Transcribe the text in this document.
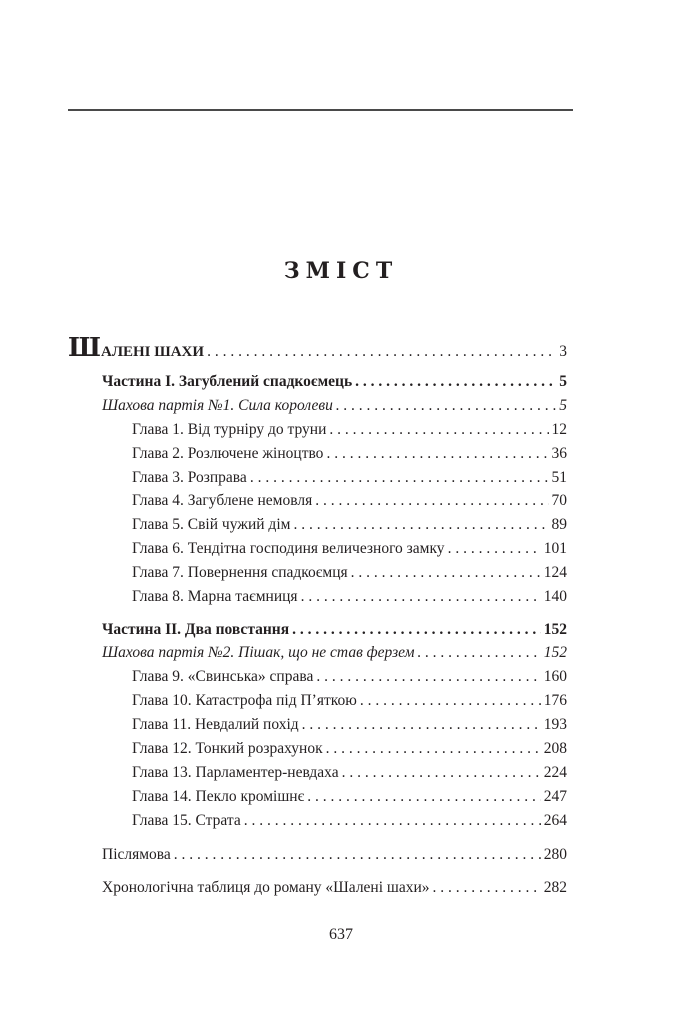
ЗМІСТ
ШАЛЕНІ ШАХИ . . .	3
Частина І. Загублений спадкоємець . . .	5
Шахова партія №1. Сила королеви . . .	5
Глава 1. Від турніру до труни . . .	12
Глава 2. Розлючене жіноцтво . . .	36
Глава 3. Розправа . . .	51
Глава 4. Загублене немовля . . .	70
Глава 5. Свій чужий дім . . .	89
Глава 6. Тендітна господиня величезного замку . . .	101
Глава 7. Повернення спадкоємця . . .	124
Глава 8. Марна таємниця . . .	140
Частина ІІ. Два повстання . . .	152
Шахова партія №2. Пішак, що не став ферзем . . .	152
Глава 9. «Свинська» справа . . .	160
Глава 10. Катастрофа під П’яткою . . .	176
Глава 11. Невдалий похід . . .	193
Глава 12. Тонкий розрахунок . . .	208
Глава 13. Парламентер-невдаха . . .	224
Глава 14. Пекло кромішнє . . .	247
Глава 15. Страта . . .	264
Післямова . . .	280
Хронологічна таблиця до роману «Шалені шахи» . . .	282
637
